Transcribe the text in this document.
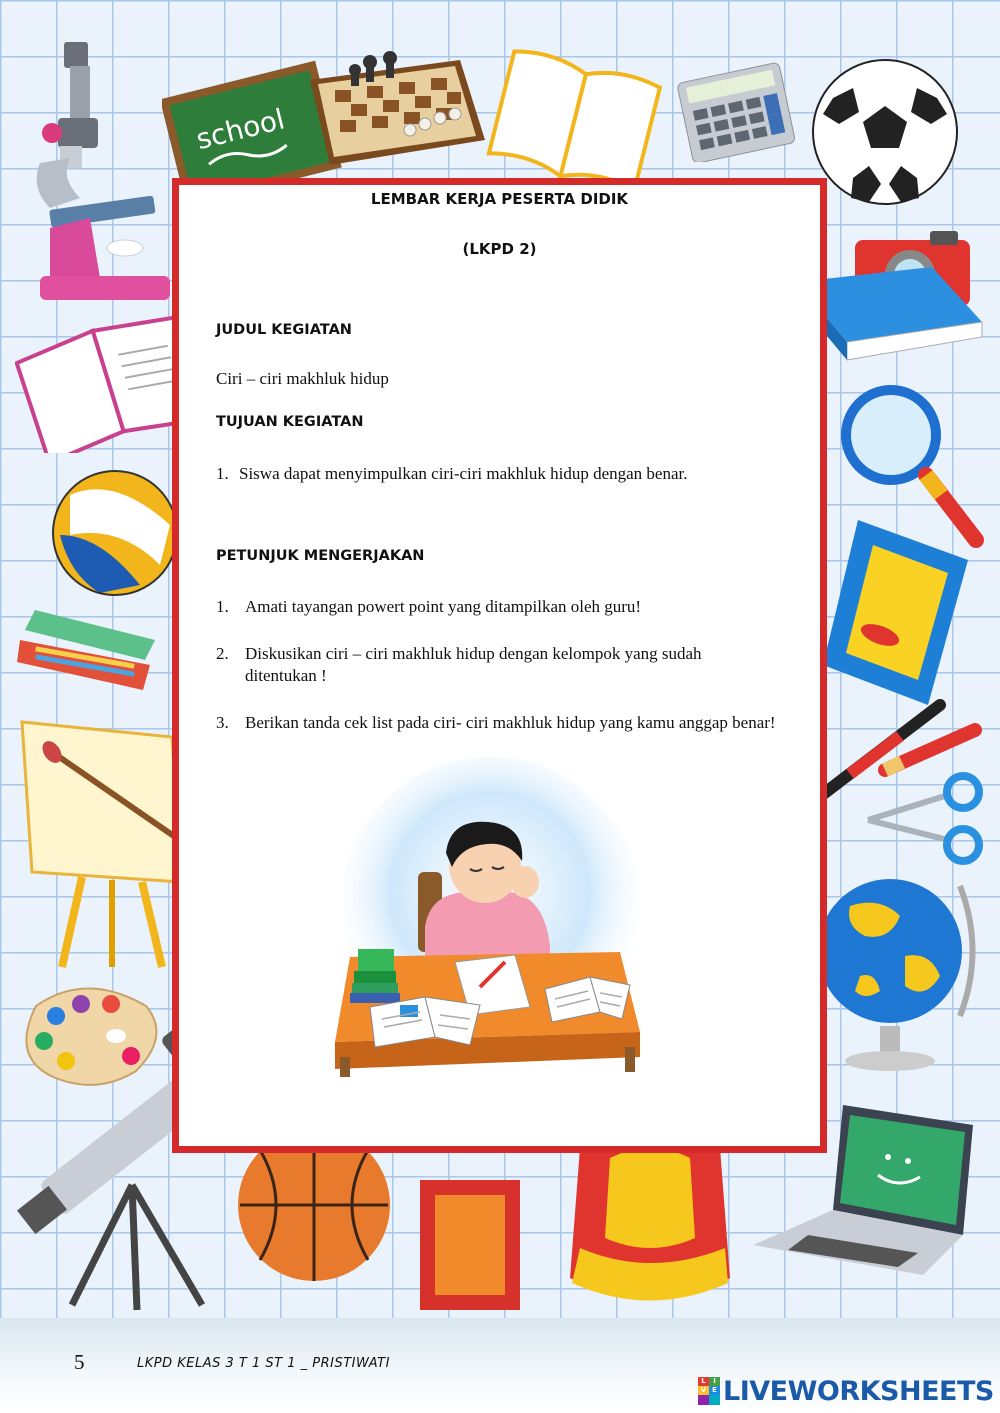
school
LEMBAR KERJA PESERTA DIDIK
(LKPD 2)
JUDUL KEGIATAN
Ciri – ciri makhluk hidup
TUJUAN KEGIATAN
1. Siswa dapat menyimpulkan ciri-ciri makhluk hidup dengan benar.
PETUNJUK MENGERJAKAN
1. Amati tayangan powert point yang ditampilkan oleh guru!
2. Diskusikan ciri – ciri makhluk hidup dengan kelompok yang sudah ditentukan !
3. Berikan tanda cek list pada ciri- ciri makhluk hidup yang kamu anggap benar!
5	LKPD KELAS 3 T 1 ST 1 _ PRISTIWATI
L	I
V E LIVEWORKSHEETS
